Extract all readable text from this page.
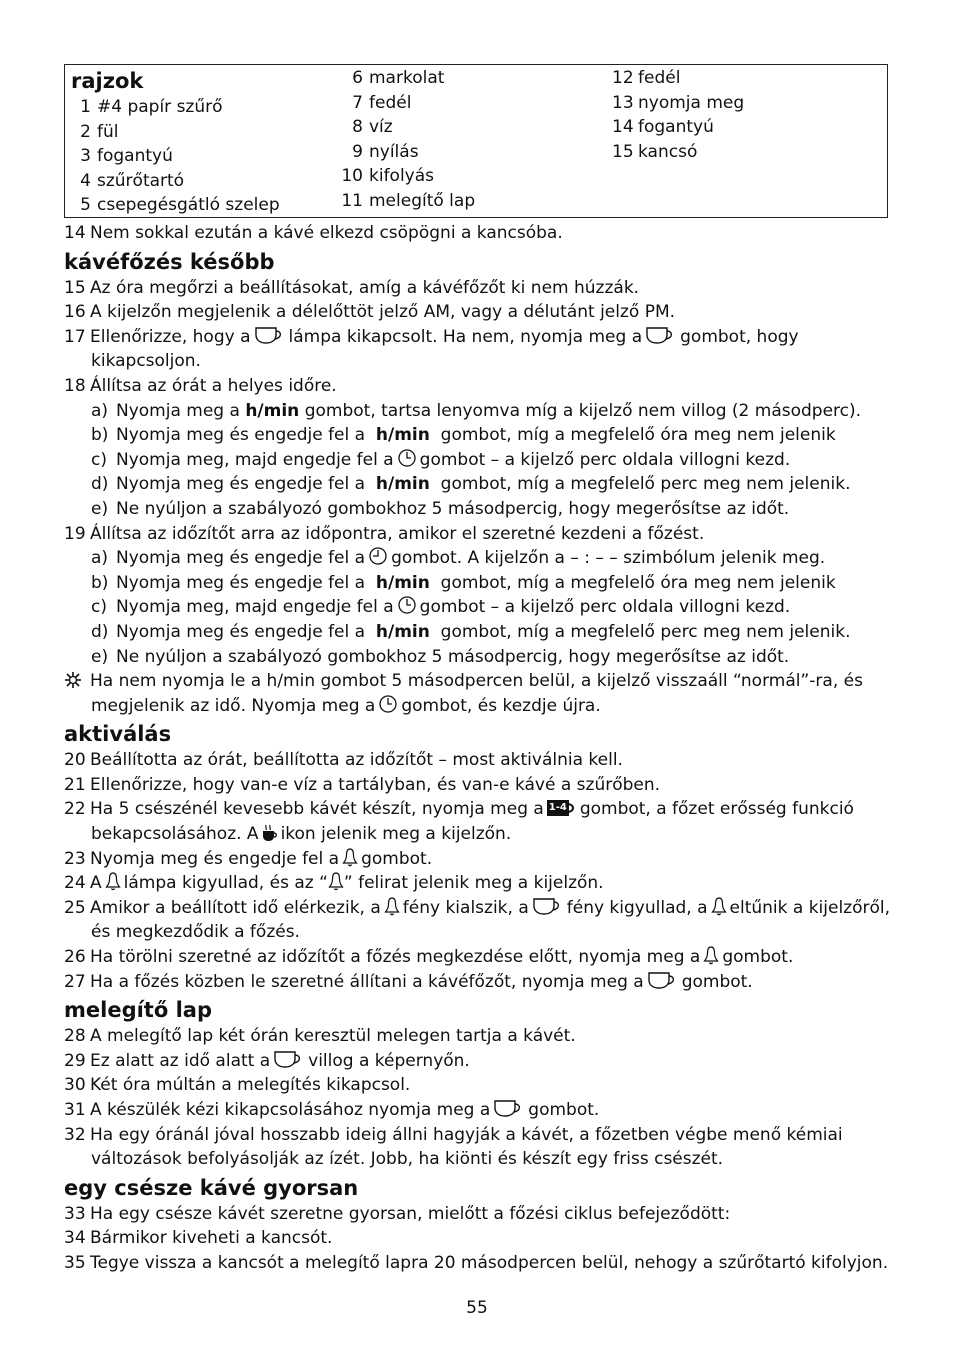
rajzok
1 #4 papír szűrő
2 fül
3 fogantyú
4 szűrőtartó
5 csepegésgátló szelep
6 markolat
7 fedél
8 víz
9 nyílás
10 kifolyás
11 melegítő lap
12 fedél
13 nyomja meg
14 fogantyú
15 kancsó
14 Nem sokkal ezután a kávé elkezd csöpögni a kancsóba.
kávéfőzés később
15 Az óra megőrzi a beállításokat, amíg a kávéfőzőt ki nem húzzák.
16 A kijelzőn megjelenik a délelőttöt jelző AM, vagy a délutánt jelző PM.
17 Ellenőrizze, hogy a lámpa kikapcsolt. Ha nem, nyomja meg a gombot, hogy
kikapcsoljon.
18 Állítsa az órát a helyes időre.
a) Nyomja meg a h/min gombot, tartsa lenyomva míg a kijelző nem villog (2 másodperc).
b) Nyomja meg és engedje fel a h/min gombot, míg a megfelelő óra meg nem jelenik
c) Nyomja meg, majd engedje fel a gombot – a kijelző perc oldala villogni kezd.
d) Nyomja meg és engedje fel a h/min gombot, míg a megfelelő perc meg nem jelenik.
e) Ne nyúljon a szabályozó gombokhoz 5 másodpercig, hogy megerősítse az időt.
19 Állítsa az időzítőt arra az időpontra, amikor el szeretné kezdeni a főzést.
a) Nyomja meg és engedje fel a gombot. A kijelzőn a – : – – szimbólum jelenik meg.
b) Nyomja meg és engedje fel a h/min gombot, míg a megfelelő óra meg nem jelenik
c) Nyomja meg, majd engedje fel a gombot – a kijelző perc oldala villogni kezd.
d) Nyomja meg és engedje fel a h/min gombot, míg a megfelelő perc meg nem jelenik.
e) Ne nyúljon a szabályozó gombokhoz 5 másodpercig, hogy megerősítse az időt.
Ha nem nyomja le a h/min gombot 5 másodpercen belül, a kijelző visszaáll “normál”-ra, és
megjelenik az idő. Nyomja meg a gombot, és kezdje újra.
aktiválás
20 Beállította az órát, beállította az időzítőt – most aktiválnia kell.
21 Ellenőrizze, hogy van-e víz a tartályban, és van-e kávé a szűrőben.
22 Ha 5 csészénél kevesebb kávét készít, nyomja meg a 1-4 gombot, a főzet erősség funkció
bekapcsolásához. A ikon jelenik meg a kijelzőn.
23 Nyomja meg és engedje fel a gombot.
24 A lámpa kigyullad, és az “ ” felirat jelenik meg a kijelzőn.
25 Amikor a beállított idő elérkezik, a fény kialszik, a fény kigyullad, a eltűnik a kijelzőről,
és megkezdődik a főzés.
26 Ha törölni szeretné az időzítőt a főzés megkezdése előtt, nyomja meg a gombot.
27 Ha a főzés közben le szeretné állítani a kávéfőzőt, nyomja meg a gombot.
melegítő lap
28 A melegítő lap két órán keresztül melegen tartja a kávét.
29 Ez alatt az idő alatt a villog a képernyőn.
30 Két óra múltán a melegítés kikapcsol.
31 A készülék kézi kikapcsolásához nyomja meg a gombot.
32 Ha egy óránál jóval hosszabb ideig állni hagyják a kávét, a főzetben végbe menő kémiai
változások befolyásolják az ízét. Jobb, ha kiönti és készít egy friss csészét.
egy csésze kávé gyorsan
33 Ha egy csésze kávét szeretne gyorsan, mielőtt a főzési ciklus befejeződött:
34 Bármikor kiveheti a kancsót.
35 Tegye vissza a kancsót a melegítő lapra 20 másodpercen belül, nehogy a szűrőtartó kifolyjon.
55
